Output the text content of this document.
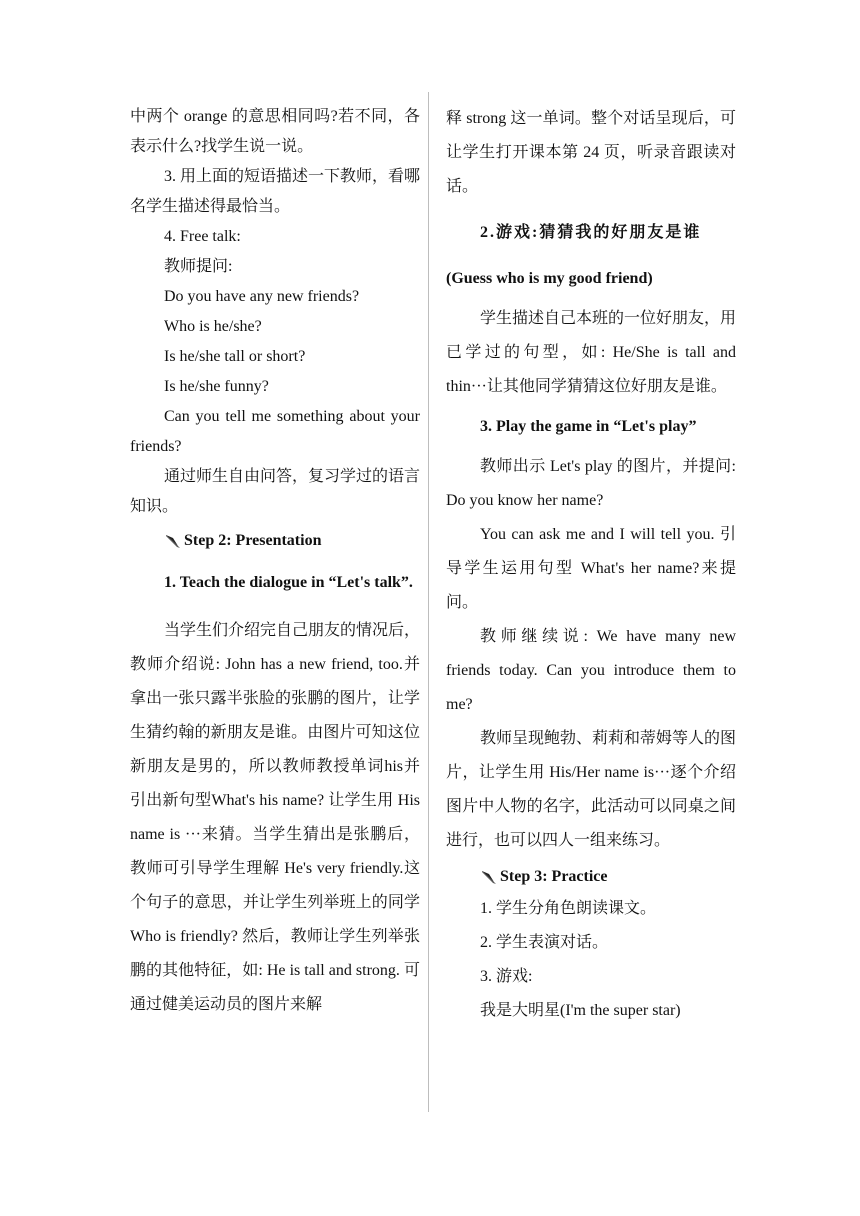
中两个 orange 的意思相同吗?若不同，各表示什么?找学生说一说。

3. 用上面的短语描述一下教师，看哪名学生描述得最恰当。

4. Free talk:

教师提问:

Do you have any new friends?

Who is he/she?

Is he/she tall or short?

Is he/she funny?

Can you tell me something about your friends?

通过师生自由问答，复习学过的语言知识。

Step 2: Presentation

1. Teach the dialogue in “Let's talk”.

当学生们介绍完自己朋友的情况后，教师介绍说: John has a new friend, too.并拿出一张只露半张脸的张鹏的图片，让学生猜约翰的新朋友是谁。由图片可知这位新朋友是男的，所以教师教授单词his并引出新句型What's his name? 让学生用 His name is ···来猜。当学生猜出是张鹏后，教师可引导学生理解 He's very friendly.这个句子的意思，并让学生列举班上的同学Who is friendly? 然后，教师让学生列举张鹏的其他特征，如: He is tall and strong. 可通过健美运动员的图片来解

释 strong 这一单词。整个对话呈现后，可让学生打开课本第 24 页，听录音跟读对话。

2.游戏:猜猜我的好朋友是谁

(Guess who is my good friend)

学生描述自己本班的一位好朋友，用已学过的句型，如: He/She is tall and thin···让其他同学猜猜这位好朋友是谁。

3. Play the game in “Let's play”

教师出示 Let's play 的图片，并提问: Do you know her name?

You can ask me and I will tell you. 引导学生运用句型 What's her name?来提问。

教师继续说: We have many new friends today. Can you introduce them to me?

教师呈现鲍勃、莉莉和蒂姆等人的图片，让学生用 His/Her name is···逐个介绍图片中人物的名字，此活动可以同桌之间进行，也可以四人一组来练习。

Step 3: Practice

1. 学生分角色朗读课文。

2. 学生表演对话。

3. 游戏:

我是大明星(I'm the super star)
